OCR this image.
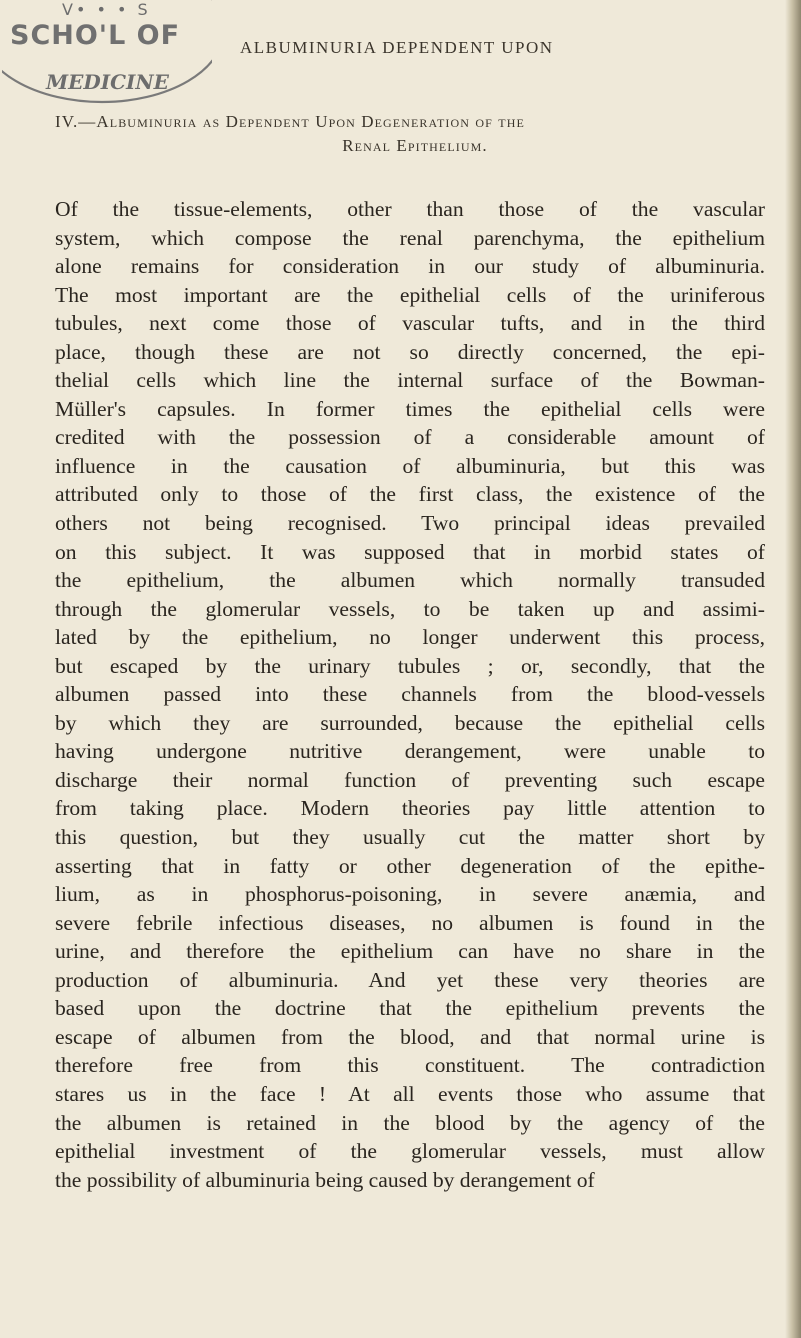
V• • • S
SCHO'L OF
MEDICINE
ALBUMINURIA DEPENDENT UPON
IV.—Albuminuria as Dependent Upon Degeneration of the
Renal Epithelium.
Of the tissue-elements, other than those of the vascular
system, which compose the renal parenchyma, the epithelium
alone remains for consideration in our study of albuminuria.
The most important are the epithelial cells of the uriniferous
tubules, next come those of vascular tufts, and in the third
place, though these are not so directly concerned, the epi-
thelial cells which line the internal surface of the Bowman-
Müller's capsules. In former times the epithelial cells were
credited with the possession of a considerable amount of
influence in the causation of albuminuria, but this was
attributed only to those of the first class, the existence of the
others not being recognised. Two principal ideas prevailed
on this subject. It was supposed that in morbid states of
the epithelium, the albumen which normally transuded
through the glomerular vessels, to be taken up and assimi-
lated by the epithelium, no longer underwent this process,
but escaped by the urinary tubules ; or, secondly, that the
albumen passed into these channels from the blood-vessels
by which they are surrounded, because the epithelial cells
having undergone nutritive derangement, were unable to
discharge their normal function of preventing such escape
from taking place. Modern theories pay little attention to
this question, but they usually cut the matter short by
asserting that in fatty or other degeneration of the epithe-
lium, as in phosphorus-poisoning, in severe anæmia, and
severe febrile infectious diseases, no albumen is found in the
urine, and therefore the epithelium can have no share in the
production of albuminuria. And yet these very theories are
based upon the doctrine that the epithelium prevents the
escape of albumen from the blood, and that normal urine is
therefore free from this constituent. The contradiction
stares us in the face ! At all events those who assume that
the albumen is retained in the blood by the agency of the
epithelial investment of the glomerular vessels, must allow
the possibility of albuminuria being caused by derangement of
